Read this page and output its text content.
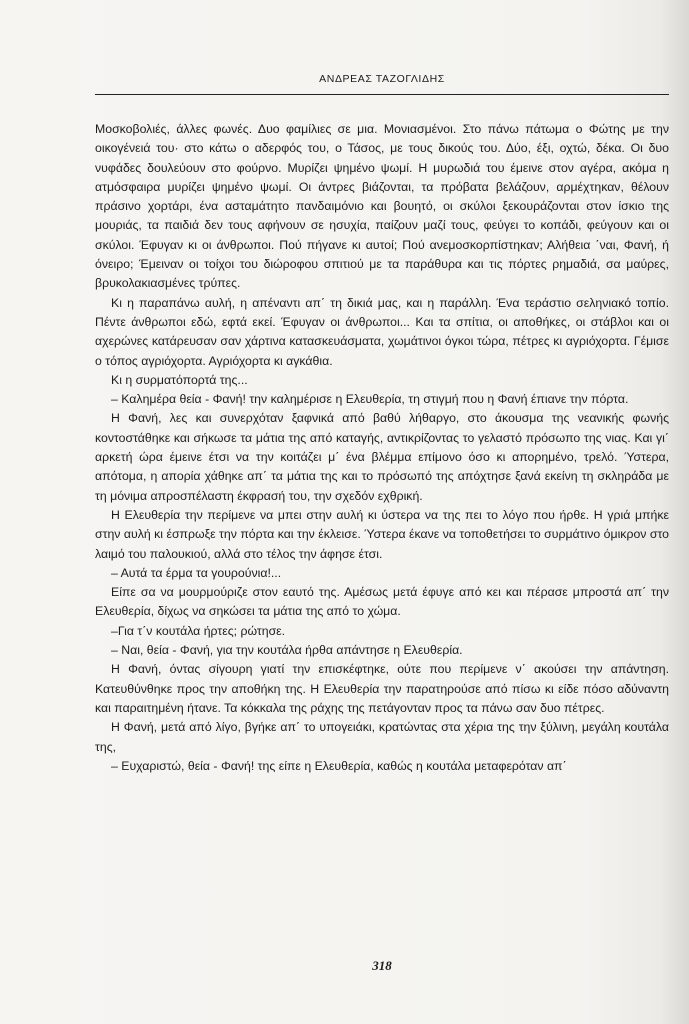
ΑΝΔΡΕΑΣ ΤΑΖΟΓΛΙΔΗΣ

Μοσκοβολιές, άλλες φωνές. Δυο φαμίλιες σε μια. Μονιασμένοι. Στο πάνω πάτωμα ο Φώτης με την οικογένειά του· στο κάτω ο αδερφός του, ο Τάσος, με τους δικούς του. Δύο, έξι, οχτώ, δέκα. Οι δυο νυφάδες δουλεύουν στο φούρνο. Μυρίζει ψημένο ψωμί. Η μυρωδιά του έμεινε στον αγέρα, ακόμα η ατμόσφαιρα μυρίζει ψημένο ψωμί. Οι άντρες βιάζονται, τα πρόβατα βελάζουν, αρμέχτηκαν, θέλουν πράσινο χορτάρι, ένα ασταμάτητο πανδαιμόνιο και βουητό, οι σκύλοι ξεκουράζονται στον ίσκιο της μουριάς, τα παιδιά δεν τους αφήνουν σε ησυχία, παίζουν μαζί τους, φεύγει το κοπάδι, φεύγουν και οι σκύλοι. Έφυγαν κι οι άνθρωποι. Πού πήγανε κι αυτοί; Πού ανεμοσκορπίστηκαν; Αλήθεια ΄ναι, Φανή, ή όνειρο; Έμειναν οι τοίχοι του διώροφου σπιτιού με τα παράθυρα και τις πόρτες ρημαδιά, σα μαύρες, βρυκολακιασμένες τρύπες.

Κι η παραπάνω αυλή, η απέναντι απ΄ τη δικιά μας, και η παράλλη. Ένα τεράστιο σεληνιακό τοπίο. Πέντε άνθρωποι εδώ, εφτά εκεί. Έφυγαν οι άνθρωποι... Και τα σπίτια, οι αποθήκες, οι στάβλοι και οι αχερώνες κατάρευσαν σαν χάρτινα κατασκευάσματα, χωμάτινοι όγκοι τώρα, πέτρες κι αγριόχορτα. Γέμισε ο τόπος αγριόχορτα. Αγριόχορτα κι αγκάθια.

Κι η συρματόπορτά της...

– Καλημέρα θεία - Φανή! την καλημέρισε η Ελευθερία, τη στιγμή που η Φανή έπιανε την πόρτα.

Η Φανή, λες και συνερχόταν ξαφνικά από βαθύ λήθαργο, στο άκουσμα της νεανικής φωνής κοντοστάθηκε και σήκωσε τα μάτια της από καταγής, αντικρίζοντας το γελαστό πρόσωπο της νιας. Και γι΄ αρκετή ώρα έμεινε έτσι να την κοιτάζει μ΄ ένα βλέμμα επίμονο όσο κι απορημένο, τρελό. Ύστερα, απότομα, η απορία χάθηκε απ΄ τα μάτια της και το πρόσωπό της απόχτησε ξανά εκείνη τη σκληράδα με τη μόνιμα απροσπέλαστη έκφρασή του, την σχεδόν εχθρική.

Η Ελευθερία την περίμενε να μπει στην αυλή κι ύστερα να της πει το λόγο που ήρθε. Η γριά μπήκε στην αυλή κι έσπρωξε την πόρτα και την έκλεισε. Ύστερα έκανε να τοποθετήσει το συρμάτινο όμικρον στο λαιμό του παλουκιού, αλλά στο τέλος την άφησε έτσι.

– Αυτά τα έρμα τα γουρούνια!...

Είπε σα να μουρμούριζε στον εαυτό της. Αμέσως μετά έφυγε από κει και πέρασε μπροστά απ΄ την Ελευθερία, δίχως να σηκώσει τα μάτια της από το χώμα.

–Για τ΄ν κουτάλα ήρτες; ρώτησε.

– Ναι, θεία - Φανή, για την κουτάλα ήρθα απάντησε η Ελευθερία.

Η Φανή, όντας σίγουρη γιατί την επισκέφτηκε, ούτε που περίμενε ν΄ ακούσει την απάντηση. Κατευθύνθηκε προς την αποθήκη της. Η Ελευθερία την παρατηρούσε από πίσω κι είδε πόσο αδύναντη και παραιτημένη ήτανε. Τα κόκκαλα της ράχης της πετάγονταν προς τα πάνω σαν δυο πέτρες.

Η Φανή, μετά από λίγο, βγήκε απ΄ το υπογειάκι, κρατώντας στα χέρια της την ξύλινη, μεγάλη κουτάλα της,

– Ευχαριστώ, θεία - Φανή! της είπε η Ελευθερία, καθώς η κουτάλα μεταφερόταν απ΄

318
